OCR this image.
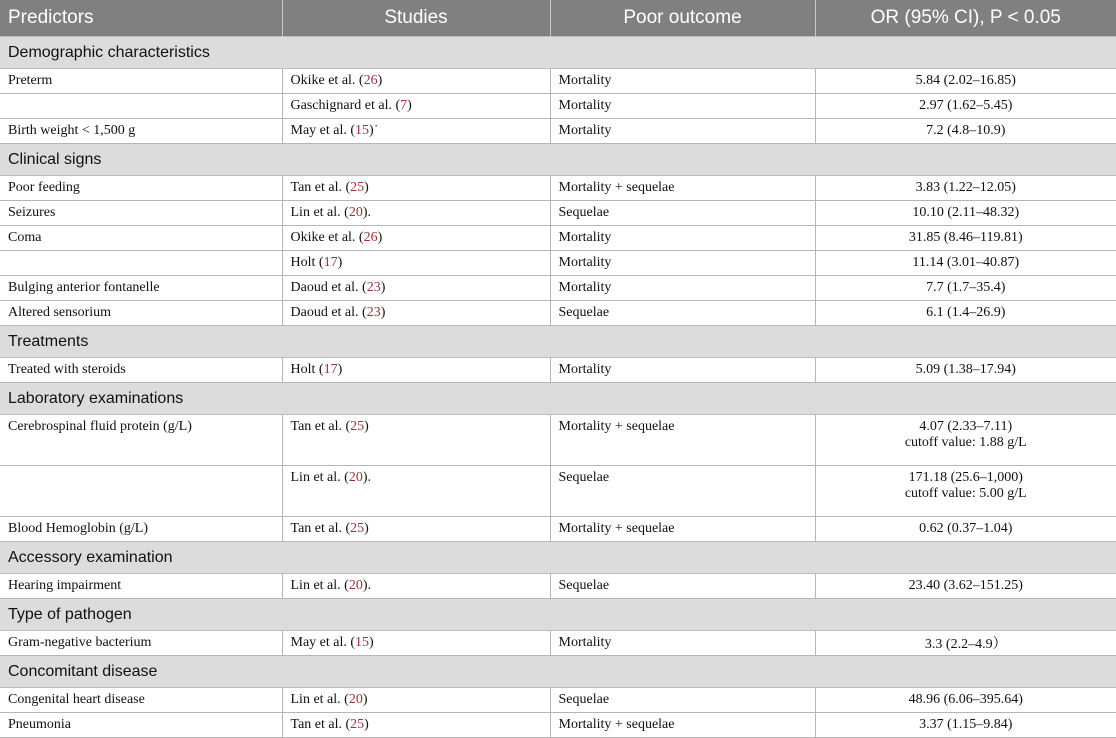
Predictors	Studies	Poor outcome	OR (95% CI), P < 0.05
Demographic characteristics			
Preterm	Okike et al. (26)	Mortality	5.84 (2.02–16.85)

	Gaschignard et al. (7)	Mortality	2.97 (1.62–5.45)

Birth weight < 1,500 g	May et al. (15)˙	Mortality	7.2 (4.8–10.9)

Clinical signs			
Poor feeding	Tan et al. (25)	Mortality + sequelae	3.83 (1.22–12.05)

Seizures	Lin et al. (20).	Sequelae	10.10 (2.11–48.32)

Coma	Okike et al. (26)	Mortality	31.85 (8.46–119.81)

	Holt (17)	Mortality	11.14 (3.01–40.87)

Bulging anterior fontanelle	Daoud et al. (23)	Mortality	7.7 (1.7–35.4)

Altered sensorium	Daoud et al. (23)	Sequelae	6.1 (1.4–26.9)

Treatments			
Treated with steroids	Holt (17)	Mortality	5.09 (1.38–17.94)

Laboratory examinations			
Cerebrospinal fluid protein (g/L)	Tan et al. (25)	Mortality + sequelae	4.07 (2.33–7.11)
cutoff value: 1.88 g/L

	Lin et al. (20).	Sequelae	171.18 (25.6–1,000)
cutoff value: 5.00 g/L

Blood Hemoglobin (g/L)	Tan et al. (25)	Mortality + sequelae	0.62 (0.37–1.04)

Accessory examination			
Hearing impairment	Lin et al. (20).	Sequelae	23.40 (3.62–151.25)

Type of pathogen			
Gram-negative bacterium	May et al. (15)	Mortality	3.3 (2.2–4.9）

Concomitant disease			
Congenital heart disease	Lin et al. (20)	Sequelae	48.96 (6.06–395.64)

Pneumonia	Tan et al. (25)	Mortality + sequelae	3.37 (1.15–9.84)
